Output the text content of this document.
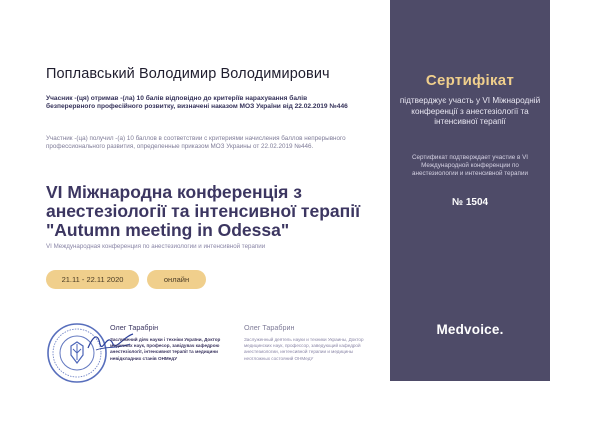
Поплавський Володимир Володимирович
Учасник -(ця) отримав -(ла) 10 балів відповідно до критеріїв нарахування балів безперервного професійного розвитку, визначені наказом МОЗ України від 22.02.2019 №446
Участник -(ца) получил -(а) 10 баллов в соответствии с критериями начисления баллов непрерывного профессионального развития, определенные приказом МОЗ Украины от 22.02.2019 №446.
VI Міжнародна конференція з анестезіології та інтенсивної терапії "Autumn meeting in Odessa"
VI Международная конференция по анестезиологии и интенсивной терапии
21.11 - 22.11 2020	онлайн
Олег Тарабрін
Заслужений діяч науки і техніки України, Доктор медичних наук, професор, завідувач кафедрою анестезіології, інтенсивної терапії та медицини невідкладних станів ОНМедУ
Олег Тарабрин
Заслуженный деятель науки и техники Украины, Доктор медицинских наук, профессор, заведующий кафедрой анестезиологии, интенсивной терапии и медицины неотложных состояний ОНМедУ
Сертифікат
підтверджує участь у VI Міжнародній конференції з анестезіології та інтенсивної терапії
Сертификат подтверждает участие в VI Международной конференции по анестезиологии и интенсивной терапии
№ 1504
Medvoice.
